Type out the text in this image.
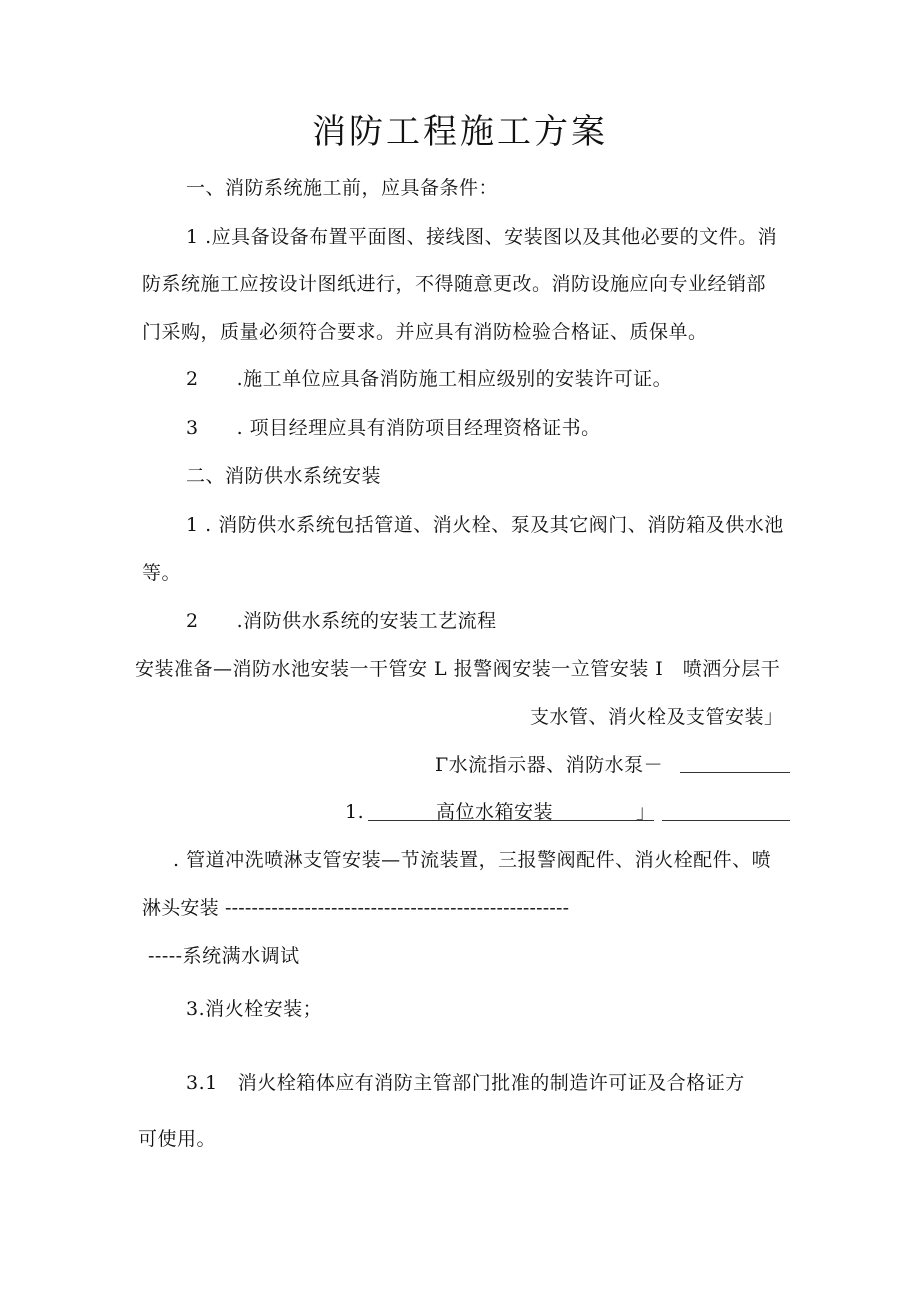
消防工程施工方案
一、消防系统施工前，应具备条件：
1 .应具备设备布置平面图、接线图、安装图以及其他必要的文件。消
防系统施工应按设计图纸进行，不得随意更改。消防设施应向专业经销部
门采购，质量必须符合要求。并应具有消防检验合格证、质保单。
2 .施工单位应具备消防施工相应级别的安装许可证。
3 . 项目经理应具有消防项目经理资格证书。
二、消防供水系统安装
1 . 消防供水系统包括管道、消火栓、泵及其它阀门、消防箱及供水池
等。
2 .消防供水系统的安装工艺流程
安装准备—消防水池安装一干管安 L 报警阀安装一立管安装 I　喷洒分层干
支水管、消火栓及支管安装」
Γ水流指示器、消防水泵－
1.	高位水箱安装	」
. 管道冲洗喷淋支管安装—节流装置，三报警阀配件、消火栓配件、喷
淋头安装 ----------------------------------------------------
-----系统满水调试
3.消火栓安装；
3.1 消火栓箱体应有消防主管部门批准的制造许可证及合格证方
可使用。
